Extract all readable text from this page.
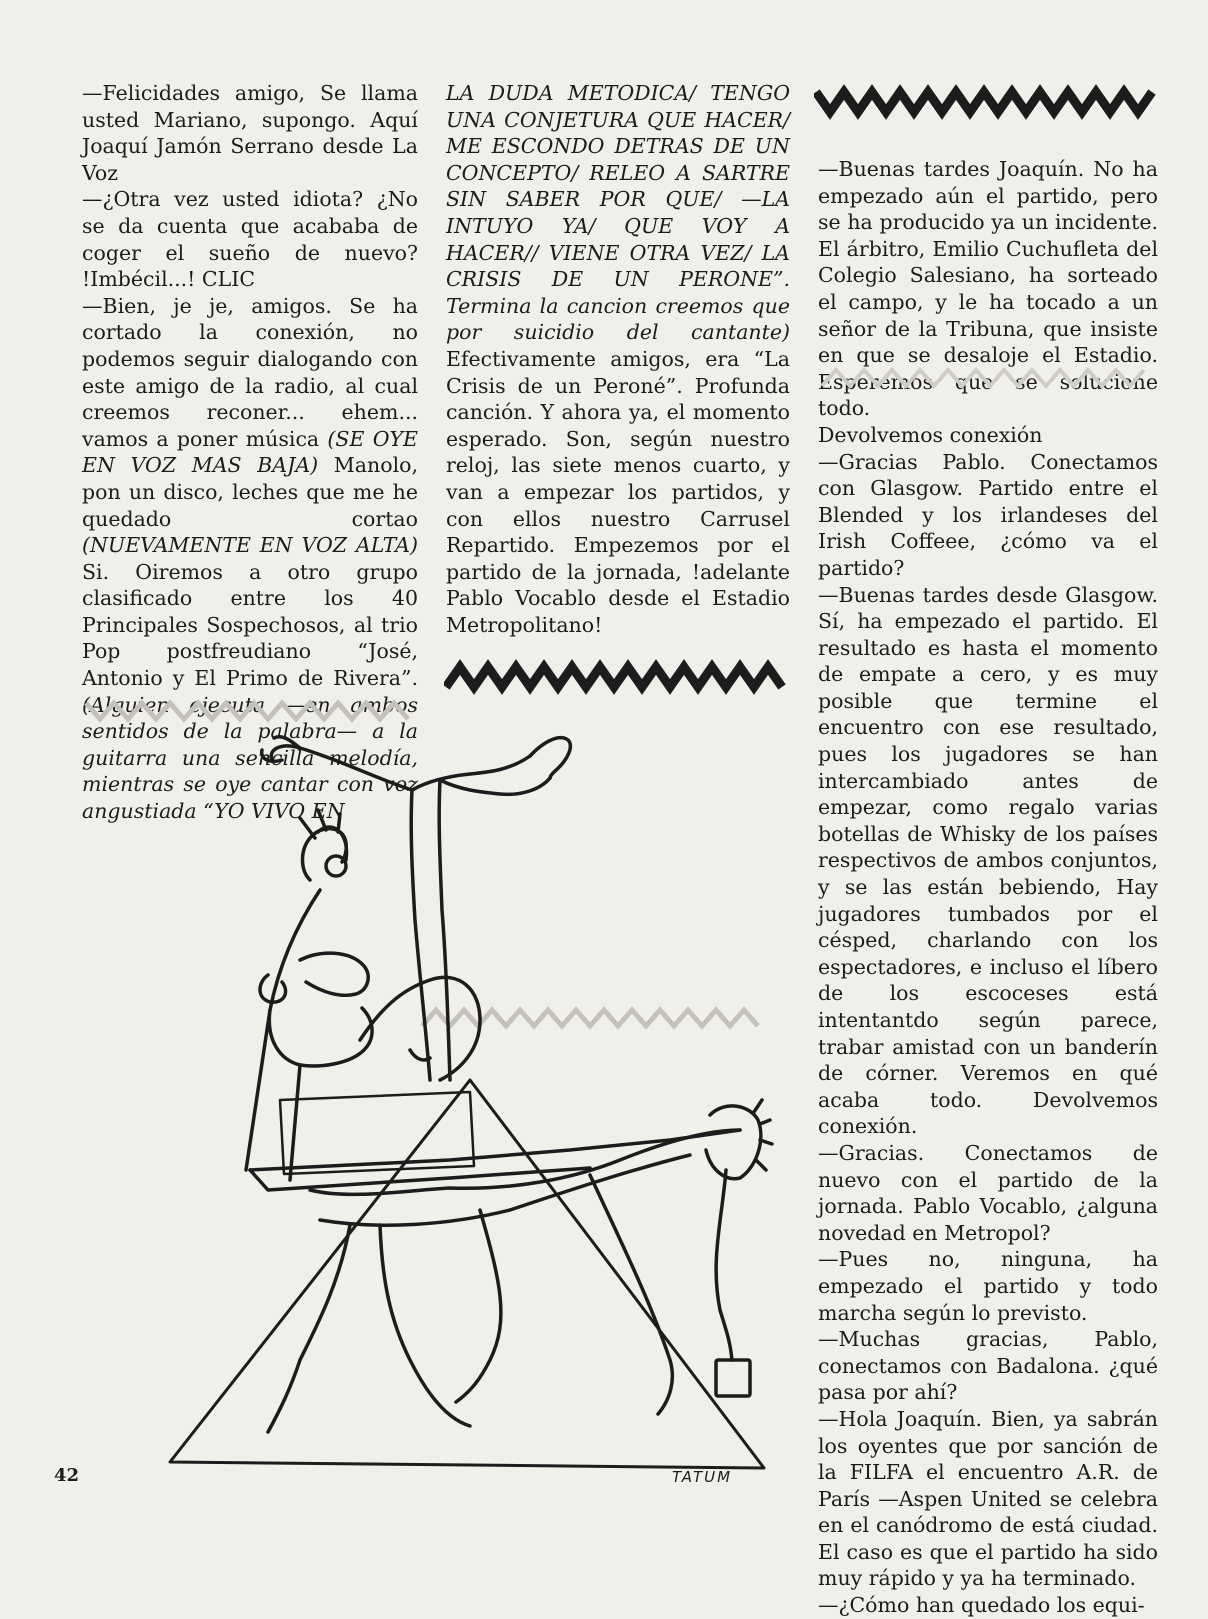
—Felicidades amigo, Se llama usted Mariano, supongo. Aquí Joaquí Jamón Serrano desde La Voz

—¿Otra vez usted idiota? ¿No se da cuenta que acababa de coger el sueño de nuevo? !Imbécil...! CLIC

—Bien, je je, amigos. Se ha cortado la conexión, no podemos seguir dialogando con este amigo de la radio, al cual creemos reconer... ehem... vamos a poner música (SE OYE EN VOZ MAS BAJA) Manolo, pon un disco, leches que me he quedado cortao (NUEVAMENTE EN VOZ ALTA) Si. Oiremos a otro grupo clasificado entre los 40 Principales Sospechosos, al trio Pop postfreudiano “José, Antonio y El Primo de Rivera”. (Alguien ejecuta —en ambos sentidos de la palabra— a la guitarra una sencilla melodía, mientras se oye cantar con voz angustiada “YO VIVO EN

LA DUDA METODICA/ TENGO UNA CONJETURA QUE HACER/ ME ESCONDO DETRAS DE UN CONCEPTO/ RELEO A SARTRE SIN SABER POR QUE/ —LA INTUYO YA/ QUE VOY A HACER// VIENE OTRA VEZ/ LA CRISIS DE UN PERONE”. Termina la cancion creemos que por suicidio del cantante) Efectivamente amigos, era “La Crisis de un Peroné”. Profunda canción. Y ahora ya, el momento esperado. Son, según nuestro reloj, las siete menos cuarto, y van a empezar los partidos, y con ellos nuestro Carrusel Repartido. Empezemos por el partido de la jornada, !adelante Pablo Vocablo desde el Estadio Metropolitano!

—Buenas tardes Joaquín. No ha empezado aún el partido, pero se ha producido ya un incidente. El árbitro, Emilio Cuchufleta del Colegio Salesiano, ha sorteado el campo, y le ha tocado a un señor de la Tribuna, que insiste en que se desaloje el Estadio. Esperemos que se solucione todo.

Devolvemos conexión

—Gracias Pablo. Conectamos con Glasgow. Partido entre el Blended y los irlandeses del Irish Coffeee, ¿cómo va el partido?

—Buenas tardes desde Glasgow. Sí, ha empezado el partido. El resultado es hasta el momento de empate a cero, y es muy posible que termine el encuentro con ese resultado, pues los jugadores se han intercambiado antes de empezar, como regalo varias botellas de Whisky de los países respectivos de ambos conjuntos, y se las están bebiendo, Hay jugadores tumbados por el césped, charlando con los espectadores, e incluso el líbero de los escoceses está intentantdo según parece, trabar amistad con un banderín de córner. Veremos en qué acaba todo. Devolvemos conexión.

—Gracias. Conectamos de nuevo con el partido de la jornada. Pablo Vocablo, ¿alguna novedad en Metropol?

—Pues no, ninguna, ha empezado el partido y todo marcha según lo previsto.

—Muchas gracias, Pablo, conectamos con Badalona. ¿qué pasa por ahí?

—Hola Joaquín. Bien, ya sabrán los oyentes que por sanción de la FILFA el encuentro A.R. de París —Aspen United se celebra en el canódromo de está ciudad. El caso es que el partido ha sido muy rápido y ya ha terminado.

—¿Cómo han quedado los equi-

42	TATUM
